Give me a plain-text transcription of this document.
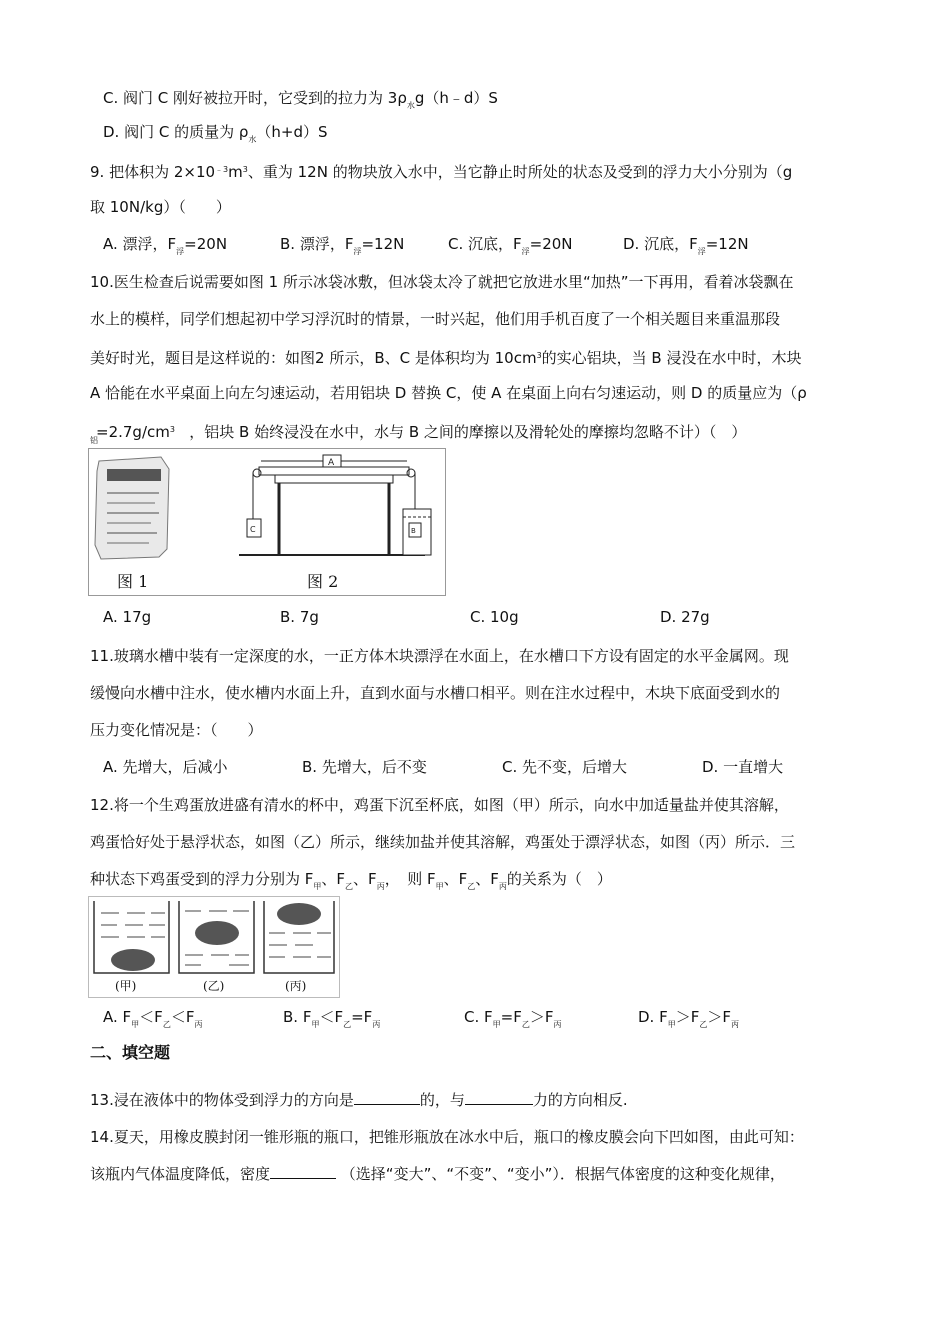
C. 阀门 C 刚好被拉开时，它受到的拉力为 $3\rho_水g(h﹣d)S$
D. 阀门 C 的质量为 $\rho_水(h+d)S$
9. 把体积为 $2\times 10^{﹣3}m^3$、重为 12N 的物块放入水中，当它静止时所处的状态及受到的浮力大小分别为（g
取 10N/kg）（　　）
A. 漂浮，$F_浮=20N$	B. 漂浮，$F_浮=12N$	C. 沉底，$F_浮=20N$	D. 沉底，$F_浮=12N$
10.医生检查后说需要如图 1 所示冰袋冰敷，但冰袋太冷了就把它放进水里“加热”一下再用，看着冰袋飘在
水上的模样，同学们想起初中学习浮沉时的情景，一时兴起，他们用手机百度了一个相关题目来重温那段
美好时光，题目是这样说的：如图2 所示，B、C 是体积均为 $10cm^3$的实心铝块，当 B 浸没在水中时，木块
A 恰能在水平桌面上向左匀速运动，若用铝块 D 替换 C，使 A 在桌面上向右匀速运动，则 D 的质量应为（ρ
$=2.7g/cm^3$ ，铝块 B 始终浸没在水中，水与 B 之间的摩擦以及滑轮处的摩擦均忽略不计）（　）
铝
A
C	B
图 1	图 2
A. 17g	B. 7g	C. 10g	D. 27g
11.玻璃水槽中装有一定深度的水，一正方体木块漂浮在水面上，在水槽口下方设有固定的水平金属网。现
缓慢向水槽中注水，使水槽内水面上升，直到水面与水槽口相平。则在注水过程中，木块下底面受到水的
压力变化情况是：（　　）
A. 先增大，后减小	B. 先增大，后不变	C. 先不变，后增大	D. 一直增大
12.将一个生鸡蛋放进盛有清水的杯中，鸡蛋下沉至杯底，如图（甲）所示，向水中加适量盐并使其溶解，
鸡蛋恰好处于悬浮状态，如图（乙）所示，继续加盐并使其溶解，鸡蛋处于漂浮状态，如图（丙）所示．三
种状态下鸡蛋受到的浮力分别为 $F_甲$、$F_乙$、$F_丙$，　则 $F_甲$、$F_乙$、$F_丙$的关系为（　）
(甲)	(乙)	(丙)
A. $F_甲<F_乙<F_丙$	B. $F_甲<F_乙=F_丙$	C. $F_甲=F_乙>F_丙$	D. $F_甲>F_乙>F_丙$
二、填空题
13.浸在液体中的物体受到浮力的方向是	的，与	力的方向相反.
14.夏天，用橡皮膜封闭一锥形瓶的瓶口，把锥形瓶放在冰水中后，瓶口的橡皮膜会向下凹如图，由此可知：
该瓶内气体温度降低，密度	（选择“变大”、“不变”、“变小”）．根据气体密度的这种变化规律，
